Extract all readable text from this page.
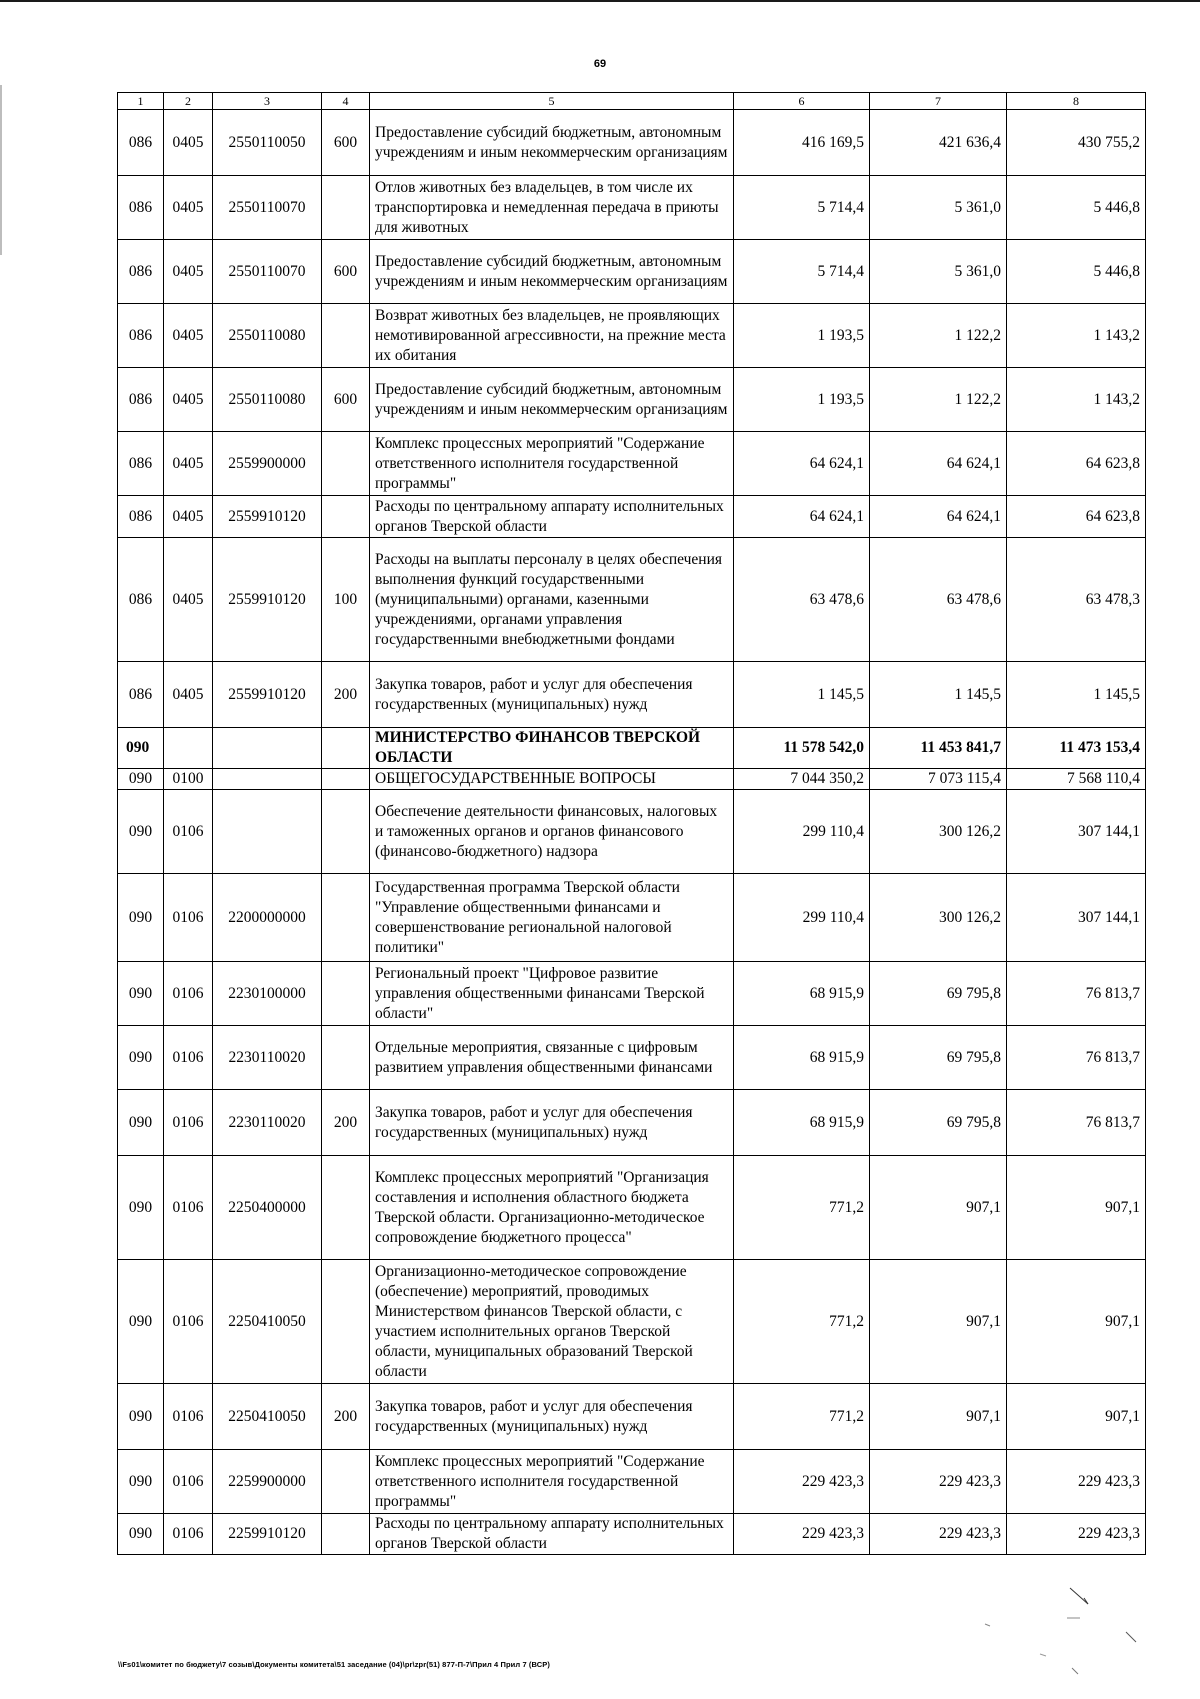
69
1	2	3	4	5	6	7	8
086	0405	2550110050	600	Предоставление субсидий бюджетным, автономным учреждениям и иным некоммерческим организациям	416 169,5	421 636,4	430 755,2
086	0405	2550110070		Отлов животных без владельцев, в том числе их транспортировка и немедленная передача в приюты для животных	5 714,4	5 361,0	5 446,8
086	0405	2550110070	600	Предоставление субсидий бюджетным, автономным учреждениям и иным некоммерческим организациям	5 714,4	5 361,0	5 446,8
086	0405	2550110080		Возврат животных без владельцев, не проявляющих немотивированной агрессивности, на прежние места их обитания	1 193,5	1 122,2	1 143,2
086	0405	2550110080	600	Предоставление субсидий бюджетным, автономным учреждениям и иным некоммерческим организациям	1 193,5	1 122,2	1 143,2
086	0405	2559900000		Комплекс процессных мероприятий "Содержание ответственного исполнителя государственной программы"	64 624,1	64 624,1	64 623,8
086	0405	2559910120		Расходы по центральному аппарату исполнительных органов Тверской области	64 624,1	64 624,1	64 623,8
086	0405	2559910120	100	Расходы на выплаты персоналу в целях обеспечения выполнения функций государственными (муниципальными) органами, казенными учреждениями, органами управления государственными внебюджетными фондами	63 478,6	63 478,6	63 478,3
086	0405	2559910120	200	Закупка товаров, работ и услуг для обеспечения государственных (муниципальных) нужд	1 145,5	1 145,5	1 145,5
090				МИНИСТЕРСТВО ФИНАНСОВ ТВЕРСКОЙ ОБЛАСТИ	11 578 542,0	11 453 841,7	11 473 153,4
090	0100			ОБЩЕГОСУДАРСТВЕННЫЕ ВОПРОСЫ	7 044 350,2	7 073 115,4	7 568 110,4
090	0106			Обеспечение деятельности финансовых, налоговых и таможенных органов и органов финансового (финансово-бюджетного) надзора	299 110,4	300 126,2	307 144,1
090	0106	2200000000		Государственная программа Тверской области "Управление общественными финансами и совершенствование региональной налоговой политики"	299 110,4	300 126,2	307 144,1
090	0106	2230100000		Региональный проект "Цифровое развитие управления общественными финансами Тверской области"	68 915,9	69 795,8	76 813,7
090	0106	2230110020		Отдельные мероприятия, связанные с цифровым развитием управления общественными финансами	68 915,9	69 795,8	76 813,7
090	0106	2230110020	200	Закупка товаров, работ и услуг для обеспечения государственных (муниципальных) нужд	68 915,9	69 795,8	76 813,7
090	0106	2250400000		Комплекс процессных мероприятий "Организация составления и исполнения областного бюджета Тверской области. Организационно-методическое сопровождение бюджетного процесса"	771,2	907,1	907,1
090	0106	2250410050		Организационно-методическое сопровождение (обеспечение) мероприятий, проводимых Министерством финансов Тверской области, с участием исполнительных органов Тверской области, муниципальных образований Тверской области	771,2	907,1	907,1
090	0106	2250410050	200	Закупка товаров, работ и услуг для обеспечения государственных (муниципальных) нужд	771,2	907,1	907,1
090	0106	2259900000		Комплекс процессных мероприятий "Содержание ответственного исполнителя государственной программы"	229 423,3	229 423,3	229 423,3
090	0106	2259910120		Расходы по центральному аппарату исполнительных органов Тверской области	229 423,3	229 423,3	229 423,3
\\Fs01\комитет по бюджету\7 созыв\Документы комитета\51 заседание (04)\pr\zpr(51) 877-П-7\Прил 4 Прил 7 (ВСР)
